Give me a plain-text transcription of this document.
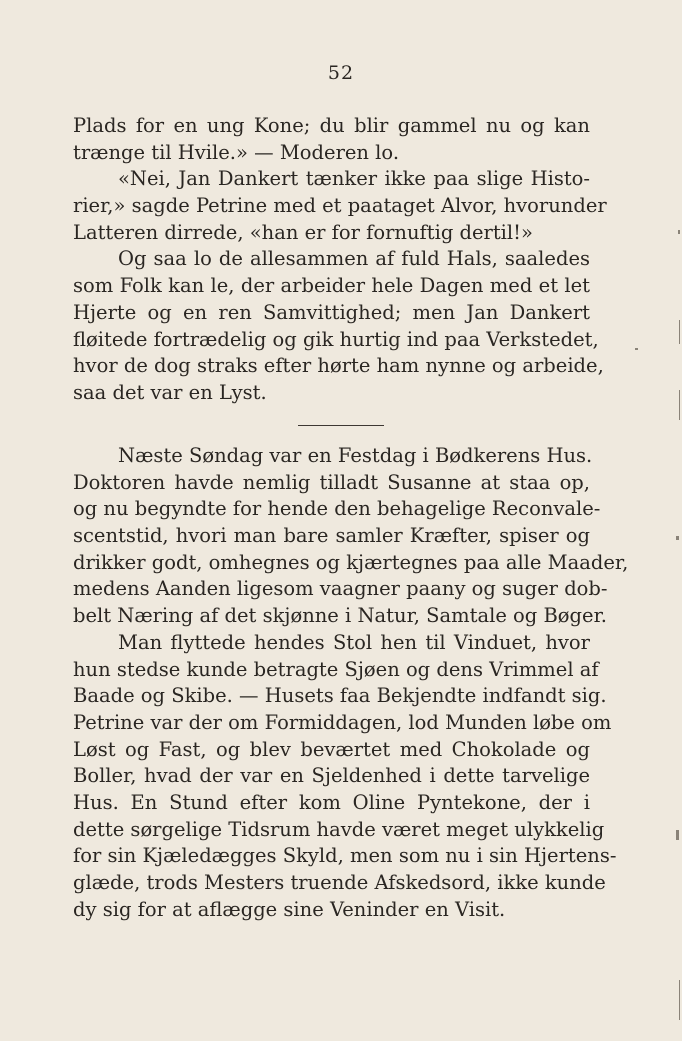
52
Plads for en ung Kone; du blir gammel nu og kan
trænge til Hvile.» — Moderen lo.
«Nei, Jan Dankert tænker ikke paa slige Histo-
rier,» sagde Petrine med et paataget Alvor, hvorunder
Latteren dirrede, «han er for fornuftig dertil!»
Og saa lo de allesammen af fuld Hals, saaledes
som Folk kan le, der arbeider hele Dagen med et let
Hjerte og en ren Samvittighed; men Jan Dankert
fløitede fortrædelig og gik hurtig ind paa Verkstedet,
hvor de dog straks efter hørte ham nynne og arbeide,
saa det var en Lyst.
Næste Søndag var en Festdag i Bødkerens Hus.
Doktoren havde nemlig tilladt Susanne at staa op,
og nu begyndte for hende den behagelige Reconvale-
scentstid, hvori man bare samler Kræfter, spiser og
drikker godt, omhegnes og kjærtegnes paa alle Maader,
medens Aanden ligesom vaagner paany og suger dob-
belt Næring af det skjønne i Natur, Samtale og Bøger.
Man flyttede hendes Stol hen til Vinduet, hvor
hun stedse kunde betragte Sjøen og dens Vrimmel af
Baade og Skibe. — Husets faa Bekjendte indfandt sig.
Petrine var der om Formiddagen, lod Munden løbe om
Løst og Fast, og blev beværtet med Chokolade og
Boller, hvad der var en Sjeldenhed i dette tarvelige
Hus. En Stund efter kom Oline Pyntekone, der i
dette sørgelige Tidsrum havde været meget ulykkelig
for sin Kjæledægges Skyld, men som nu i sin Hjertens-
glæde, trods Mesters truende Afskedsord, ikke kunde
dy sig for at aflægge sine Veninder en Visit.
